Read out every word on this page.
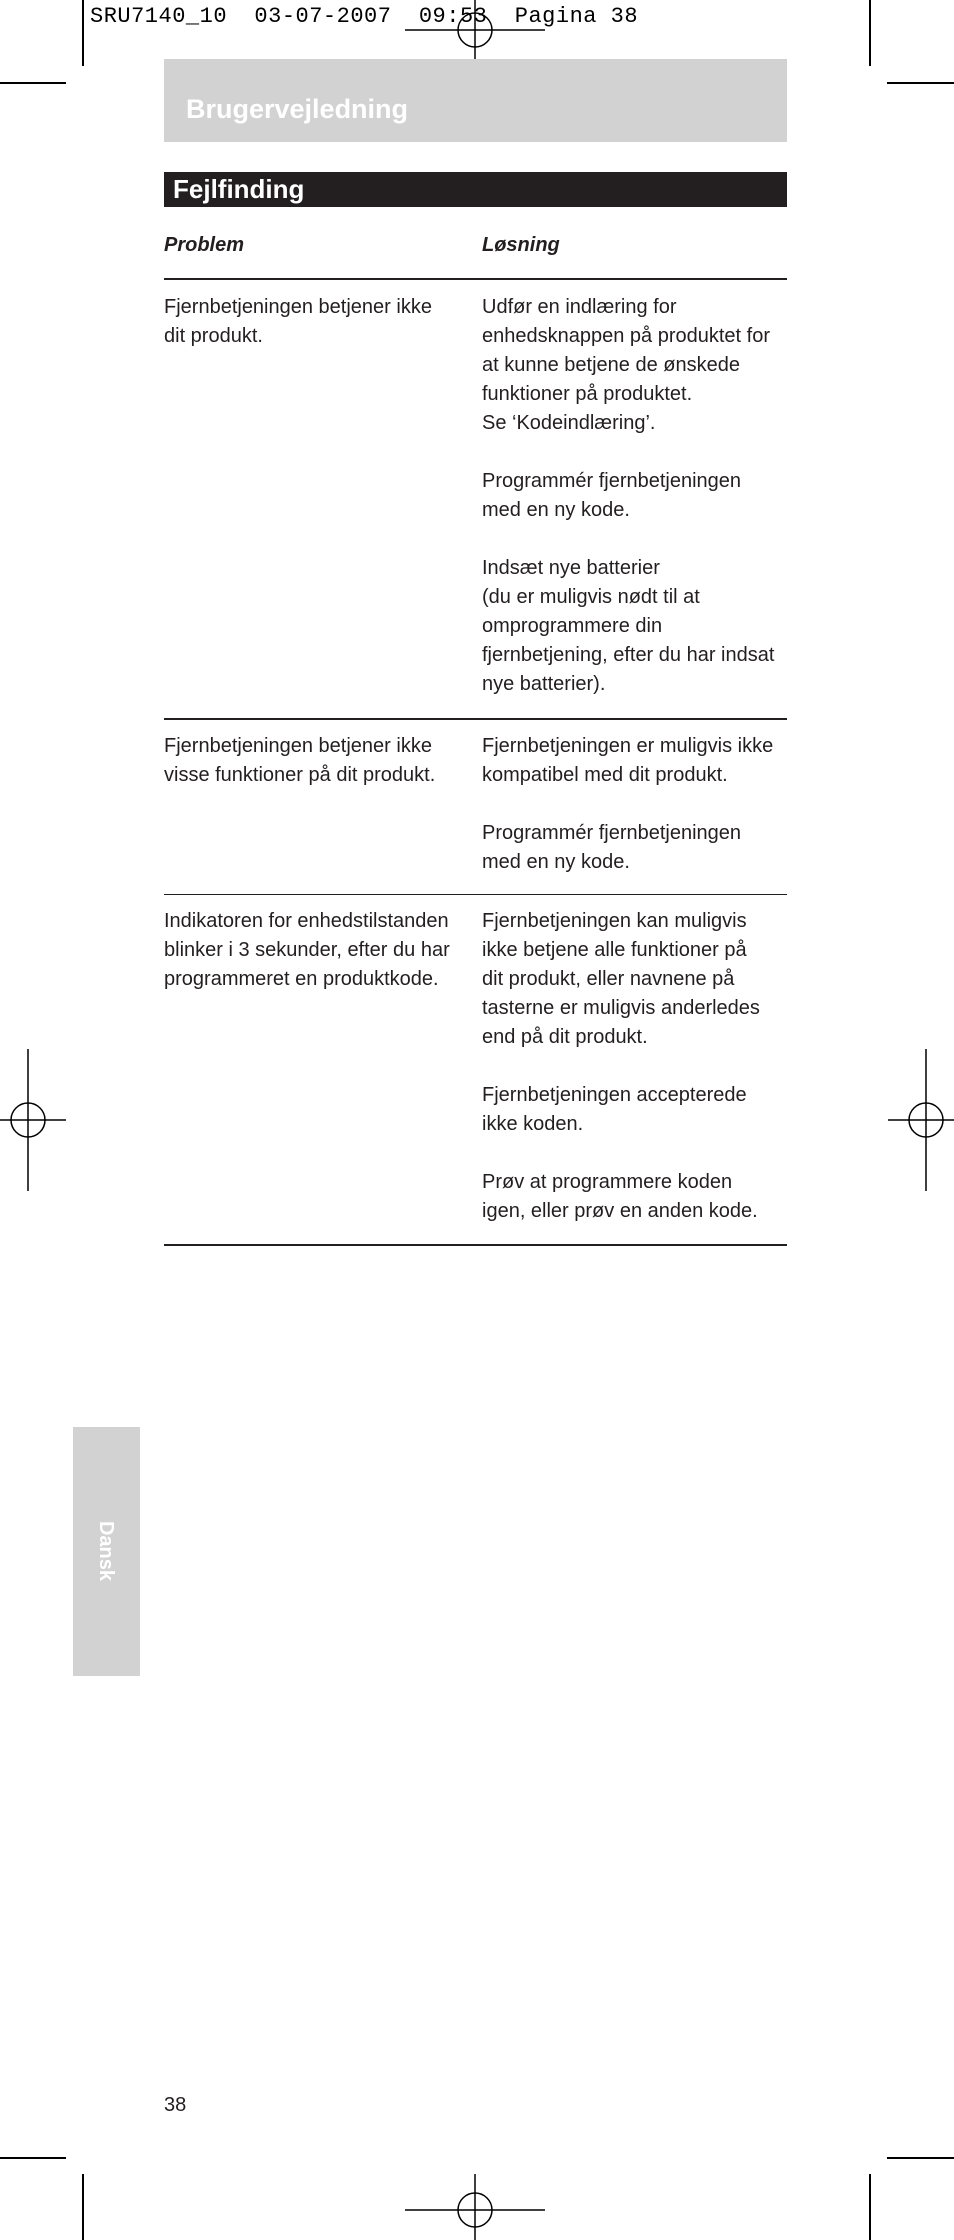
SRU7140_10  03-07-2007  09:53  Pagina 38
Brugervejledning
Fejlfinding
Problem	Løsning

Fjernbetjeningen betjener ikke
dit produkt.

Udfør en indlæring for
enhedsknappen på produktet for
at kunne betjene de ønskede
funktioner på produktet.
Se ‘Kodeindlæring’.

Programmér fjernbetjeningen
med en ny kode.

Indsæt nye batterier
(du er muligvis nødt til at
omprogrammere din
fjernbetjening, efter du har indsat
nye batterier).

Fjernbetjeningen betjener ikke
visse funktioner på dit produkt.

Fjernbetjeningen er muligvis ikke
kompatibel med dit produkt.

Programmér fjernbetjeningen
med en ny kode.

Indikatoren for enhedstilstanden
blinker i 3 sekunder, efter du har
programmeret en produktkode.

Fjernbetjeningen kan muligvis
ikke betjene alle funktioner på
dit produkt, eller navnene på
tasterne er muligvis anderledes
end på dit produkt.

Fjernbetjeningen accepterede
ikke koden.

Prøv at programmere koden
igen, eller prøv en anden kode.

Dansk
38
